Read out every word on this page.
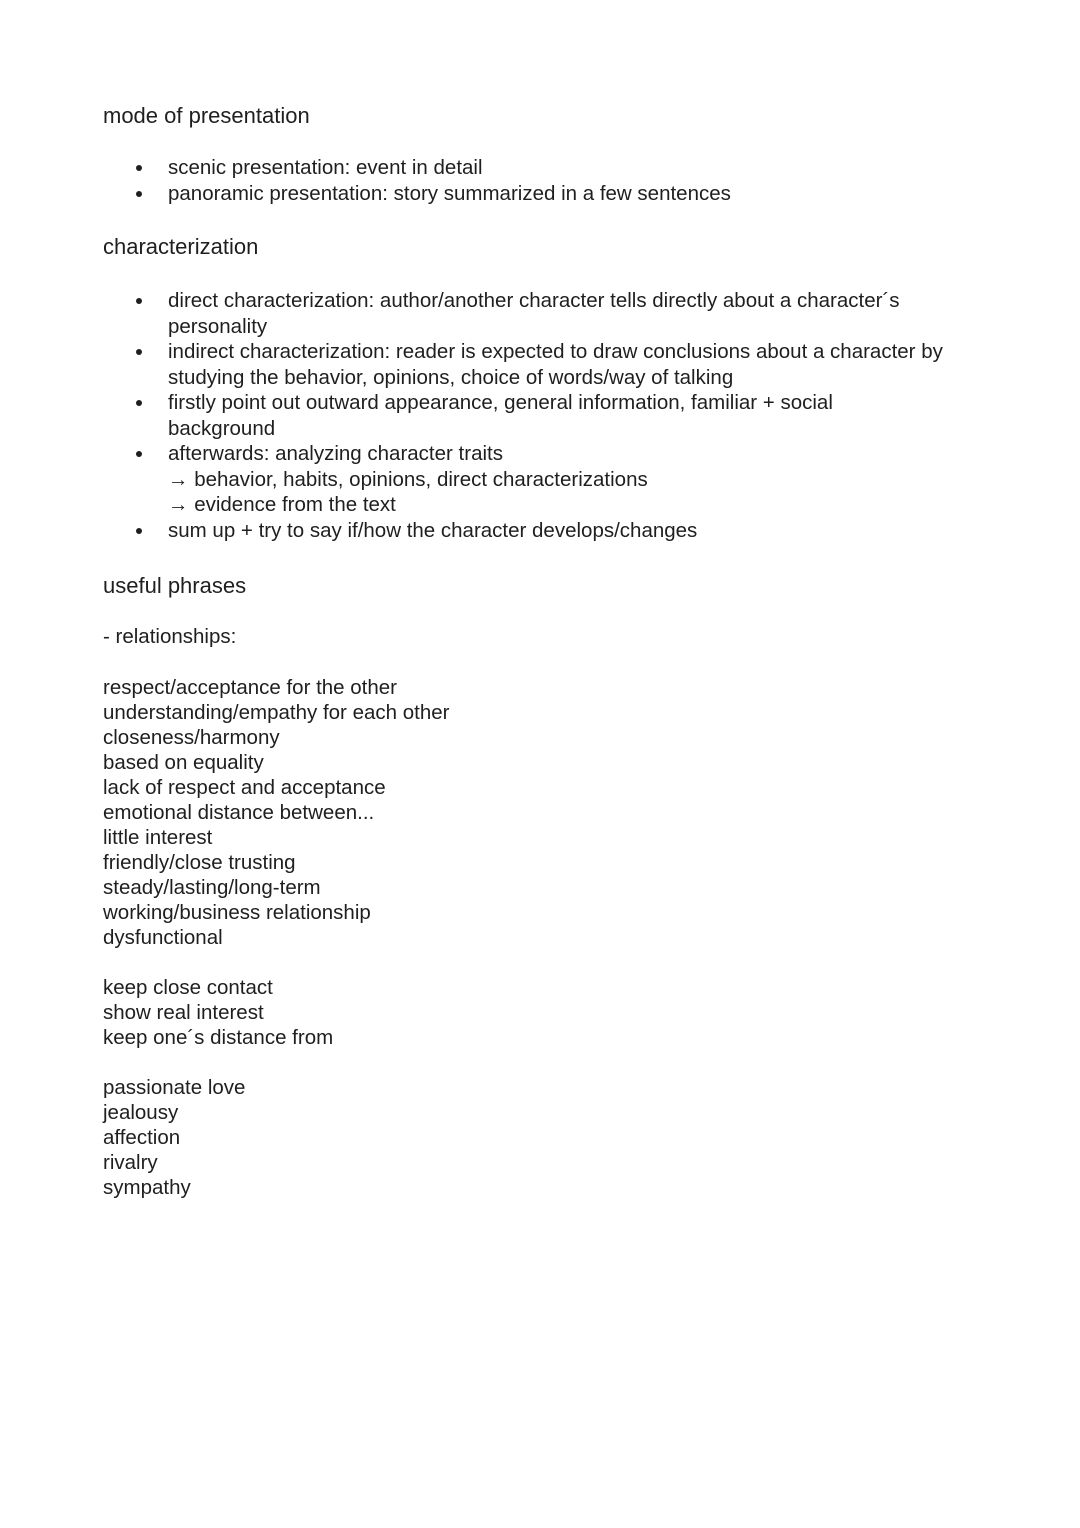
mode of presentation
scenic presentation: event in detail
panoramic presentation: story summarized in a few sentences
characterization
direct characterization: author/another character tells directly about a character´s personality
indirect characterization: reader is expected to draw conclusions about a character by studying the behavior, opinions, choice of words/way of talking
firstly point out outward appearance, general information, familiar + social background
afterwards: analyzing character traits
→ behavior, habits, opinions, direct characterizations
→ evidence from the text
sum up + try to say if/how the character develops/changes
useful phrases
- relationships:
respect/acceptance for the other
understanding/empathy for each other
closeness/harmony
based on equality
lack of respect and acceptance
emotional distance between...
little interest
friendly/close trusting
steady/lasting/long-term
working/business relationship
dysfunctional
keep close contact
show real interest
keep one´s distance from
passionate love
jealousy
affection
rivalry
sympathy
